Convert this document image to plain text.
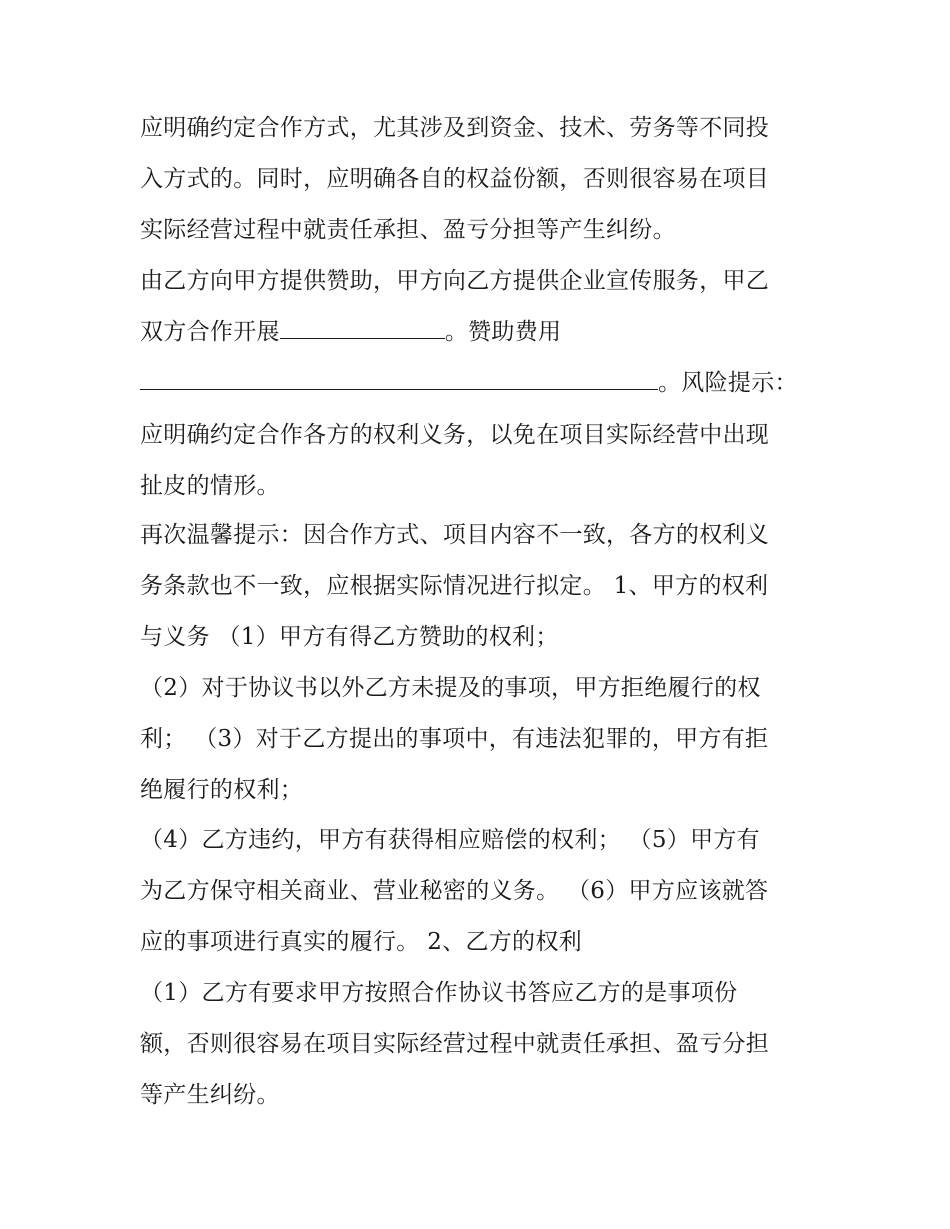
应明确约定合作方式，尤其涉及到资金、技术、劳务等不同投
入方式的。同时，应明确各自的权益份额，否则很容易在项目
实际经营过程中就责任承担、盈亏分担等产生纠纷。
由乙方向甲方提供赞助，甲方向乙方提供企业宣传服务，甲乙
双方合作开展	。赞助费用
。风险提示：
应明确约定合作各方的权利义务，以免在项目实际经营中出现
扯皮的情形。
再次温馨提示：因合作方式、项目内容不一致，各方的权利义
务条款也不一致，应根据实际情况进行拟定。 1、甲方的权利
与义务 （1）甲方有得乙方赞助的权利；
（2）对于协议书以外乙方未提及的事项，甲方拒绝履行的权
利； （3）对于乙方提出的事项中，有违法犯罪的，甲方有拒
绝履行的权利；
（4）乙方违约，甲方有获得相应赔偿的权利； （5）甲方有
为乙方保守相关商业、营业秘密的义务。 （6）甲方应该就答
应的事项进行真实的履行。 2、乙方的权利
（1）乙方有要求甲方按照合作协议书答应乙方的是事项份
额，否则很容易在项目实际经营过程中就责任承担、盈亏分担
等产生纠纷。
